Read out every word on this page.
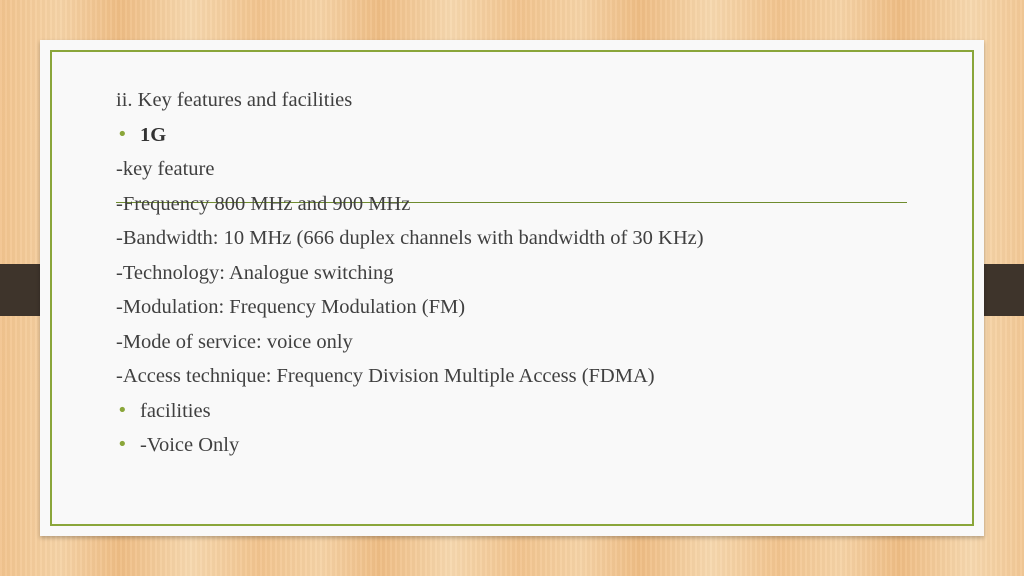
ii. Key features and facilities
• 1G
-key feature
-Frequency 800 MHz and 900 MHz
-Bandwidth: 10 MHz (666 duplex channels with bandwidth of 30 KHz)
-Technology: Analogue switching
-Modulation: Frequency Modulation (FM)
-Mode of service: voice only
-Access technique: Frequency Division Multiple Access (FDMA)
• facilities
• -Voice Only
